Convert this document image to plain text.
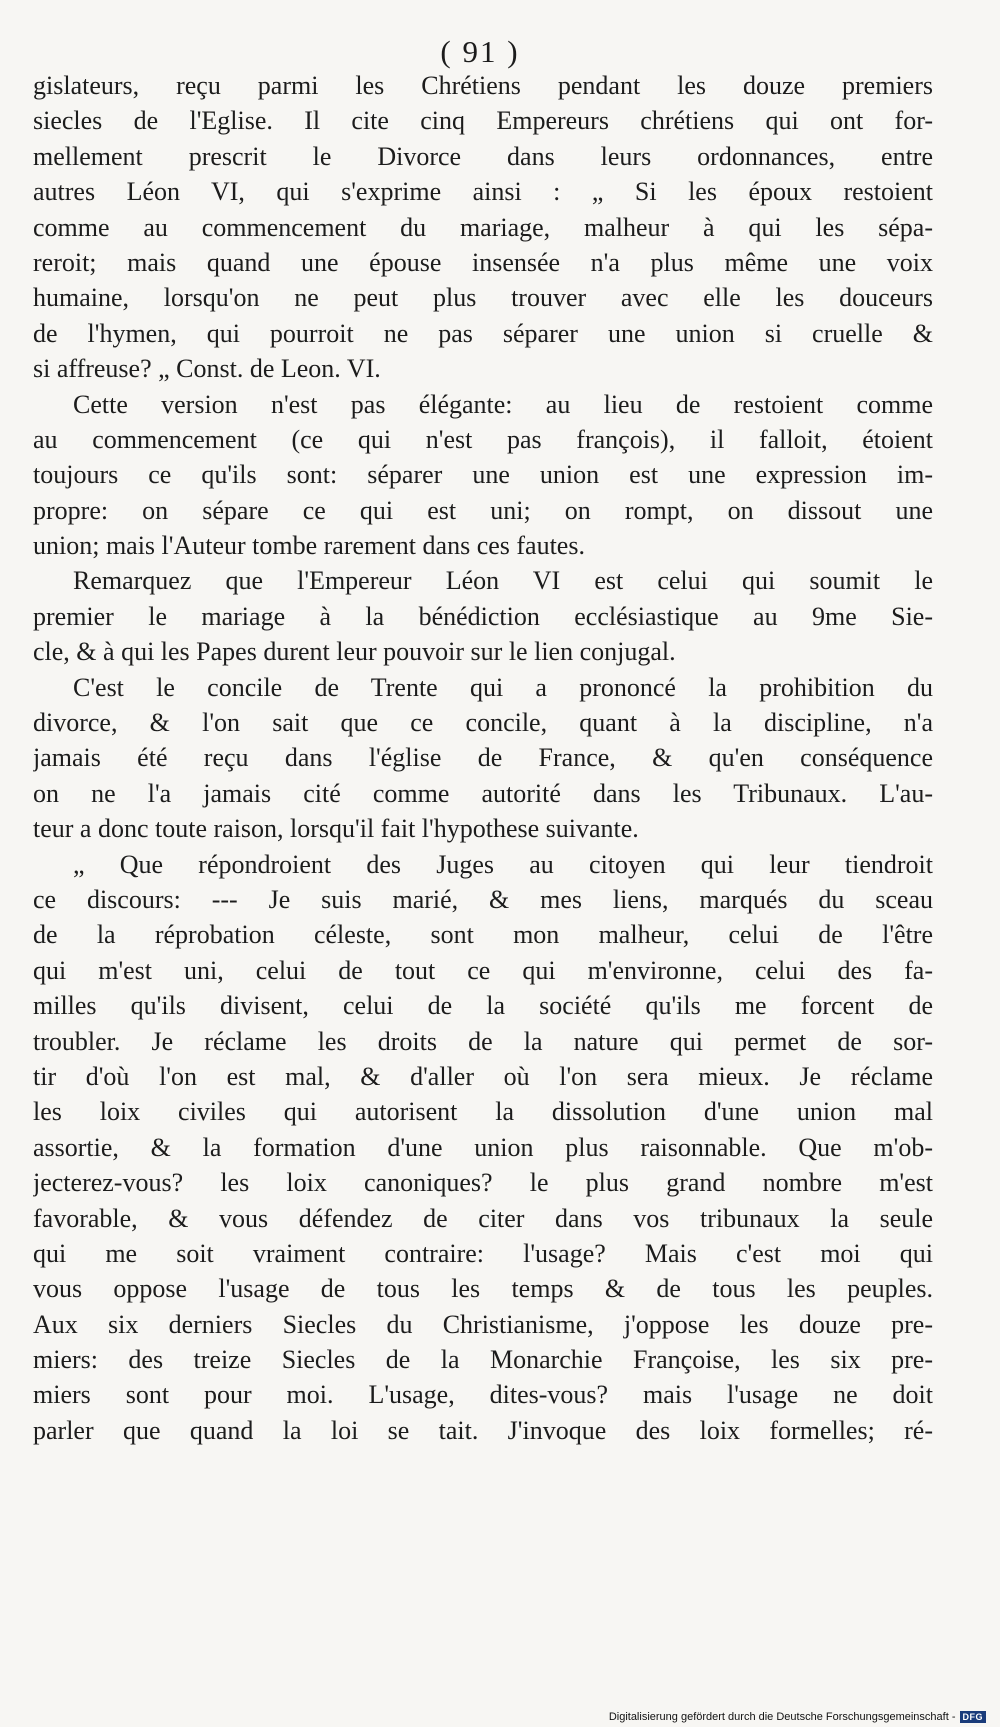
( 91 )
gislateurs, reçu parmi les Chrétiens pendant les douze premiers
siecles de l'Eglise. Il cite cinq Empereurs chrétiens qui ont for-
mellement prescrit le Divorce dans leurs ordonnances, entre
autres Léon VI, qui s'exprime ainsi : „ Si les époux restoient
comme au commencement du mariage, malheur à qui les sépa-
reroit; mais quand une épouse insensée n'a plus même une voix
humaine, lorsqu'on ne peut plus trouver avec elle les douceurs
de l'hymen, qui pourroit ne pas séparer une union si cruelle &
si affreuse? „ Const. de Leon. VI.
Cette version n'est pas élégante: au lieu de restoient comme
au commencement (ce qui n'est pas françois), il falloit, étoient
toujours ce qu'ils sont: séparer une union est une expression im-
propre: on sépare ce qui est uni; on rompt, on dissout une
union; mais l'Auteur tombe rarement dans ces fautes.
Remarquez que l'Empereur Léon VI est celui qui soumit le
premier le mariage à la bénédiction ecclésiastique au 9me Sie-
cle, & à qui les Papes durent leur pouvoir sur le lien conjugal.
C'est le concile de Trente qui a prononcé la prohibition du
divorce, & l'on sait que ce concile, quant à la discipline, n'a
jamais été reçu dans l'église de France, & qu'en conséquence
on ne l'a jamais cité comme autorité dans les Tribunaux. L'au-
teur a donc toute raison, lorsqu'il fait l'hypothese suivante.
„ Que répondroient des Juges au citoyen qui leur tiendroit
ce discours: --- Je suis marié, & mes liens, marqués du sceau
de la réprobation céleste, sont mon malheur, celui de l'être
qui m'est uni, celui de tout ce qui m'environne, celui des fa-
milles qu'ils divisent, celui de la société qu'ils me forcent de
troubler. Je réclame les droits de la nature qui permet de sor-
tir d'où l'on est mal, & d'aller où l'on sera mieux. Je réclame
les loix civiles qui autorisent la dissolution d'une union mal
assortie, & la formation d'une union plus raisonnable. Que m'ob-
jecterez-vous? les loix canoniques? le plus grand nombre m'est
favorable, & vous défendez de citer dans vos tribunaux la seule
qui me soit vraiment contraire: l'usage? Mais c'est moi qui
vous oppose l'usage de tous les temps & de tous les peuples.
Aux six derniers Siecles du Christianisme, j'oppose les douze pre-
miers: des treize Siecles de la Monarchie Françoise, les six pre-
miers sont pour moi. L'usage, dites-vous? mais l'usage ne doit
parler que quand la loi se tait. J'invoque des loix formelles; ré-
Digitalisierung gefördert durch die Deutsche Forschungsgemeinschaft - DFG
